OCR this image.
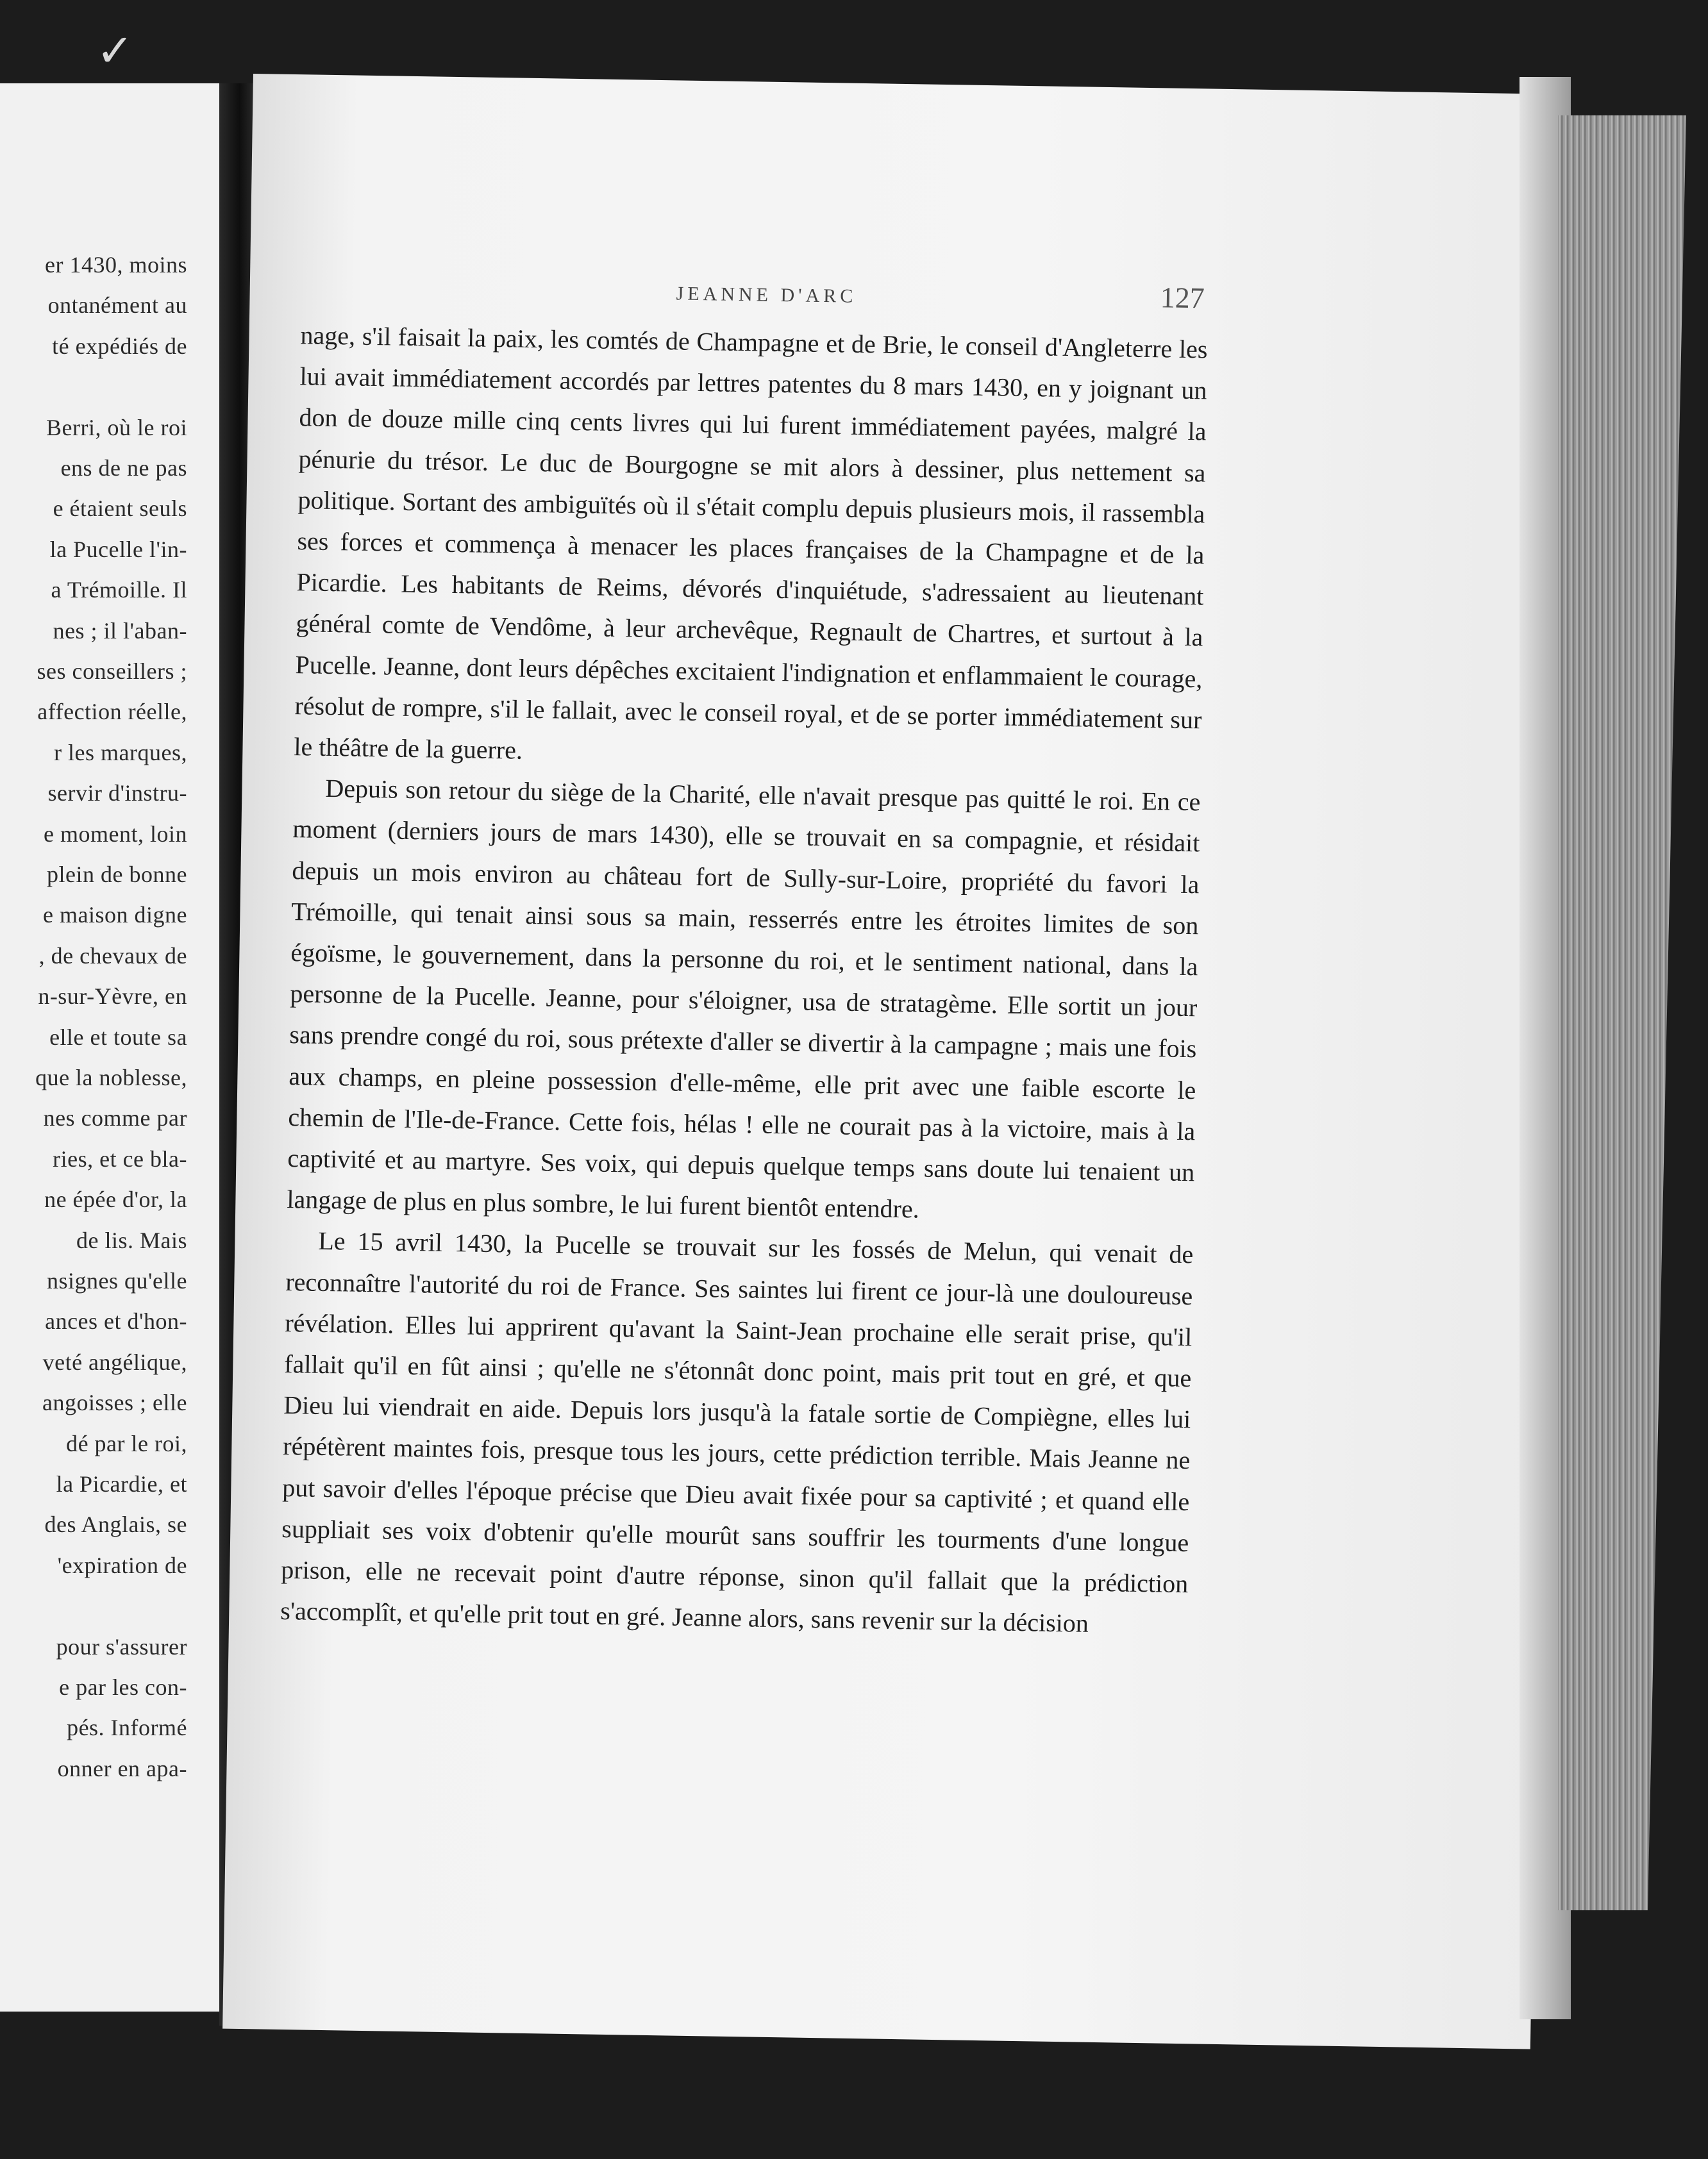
✓
er 1430, moins
ontanément au
té expédiés de
Berri, où le roi
ens de ne pas
e étaient seuls
la Pucelle l'in-
a Trémoille. Il
nes ; il l'aban-
ses conseillers ;
affection réelle,
r les marques,
servir d'instru-
e moment, loin
plein de bonne
e maison digne
, de chevaux de
n-sur-Yèvre, en
elle et toute sa
que la noblesse,
nes comme par
ries, et ce bla-
ne épée d'or, la
de lis. Mais
nsignes qu'elle
ances et d'hon-
veté angélique,
angoisses ; elle
dé par le roi,
la Picardie, et
des Anglais, se
'expiration de
pour s'assurer
e par les con-
pés. Informé
onner en apa-
JEANNE D'ARC	127

nage, s'il faisait la paix, les comtés de Champagne et de Brie, le conseil d'Angleterre les lui avait immédiatement accordés par lettres patentes du 8 mars 1430, en y joignant un don de douze mille cinq cents livres qui lui furent immédiatement payées, malgré la pénurie du trésor. Le duc de Bourgogne se mit alors à dessiner, plus nettement sa politique. Sortant des ambiguïtés où il s'était complu depuis plusieurs mois, il rassembla ses forces et commença à menacer les places françaises de la Champagne et de la Picardie. Les habitants de Reims, dévorés d'inquiétude, s'adressaient au lieutenant général comte de Vendôme, à leur archevêque, Regnault de Chartres, et surtout à la Pucelle. Jeanne, dont leurs dépêches excitaient l'indignation et enflammaient le courage, résolut de rompre, s'il le fallait, avec le conseil royal, et de se porter immédiatement sur le théâtre de la guerre.

Depuis son retour du siège de la Charité, elle n'avait presque pas quitté le roi. En ce moment (derniers jours de mars 1430), elle se trouvait en sa compagnie, et résidait depuis un mois environ au château fort de Sully-sur-Loire, propriété du favori la Trémoille, qui tenait ainsi sous sa main, resserrés entre les étroites limites de son égoïsme, le gouvernement, dans la personne du roi, et le sentiment national, dans la personne de la Pucelle. Jeanne, pour s'éloigner, usa de stratagème. Elle sortit un jour sans prendre congé du roi, sous prétexte d'aller se divertir à la campagne ; mais une fois aux champs, en pleine possession d'elle-même, elle prit avec une faible escorte le chemin de l'Ile-de-France. Cette fois, hélas ! elle ne courait pas à la victoire, mais à la captivité et au martyre. Ses voix, qui depuis quelque temps sans doute lui tenaient un langage de plus en plus sombre, le lui furent bientôt entendre.

Le 15 avril 1430, la Pucelle se trouvait sur les fossés de Melun, qui venait de reconnaître l'autorité du roi de France. Ses saintes lui firent ce jour-là une douloureuse révélation. Elles lui apprirent qu'avant la Saint-Jean prochaine elle serait prise, qu'il fallait qu'il en fût ainsi ; qu'elle ne s'étonnât donc point, mais prit tout en gré, et que Dieu lui viendrait en aide. Depuis lors jusqu'à la fatale sortie de Compiègne, elles lui répétèrent maintes fois, presque tous les jours, cette prédiction terrible. Mais Jeanne ne put savoir d'elles l'époque précise que Dieu avait fixée pour sa captivité ; et quand elle suppliait ses voix d'obtenir qu'elle mourût sans souffrir les tourments d'une longue prison, elle ne recevait point d'autre réponse, sinon qu'il fallait que la prédiction s'accomplît, et qu'elle prit tout en gré. Jeanne alors, sans revenir sur la décision
